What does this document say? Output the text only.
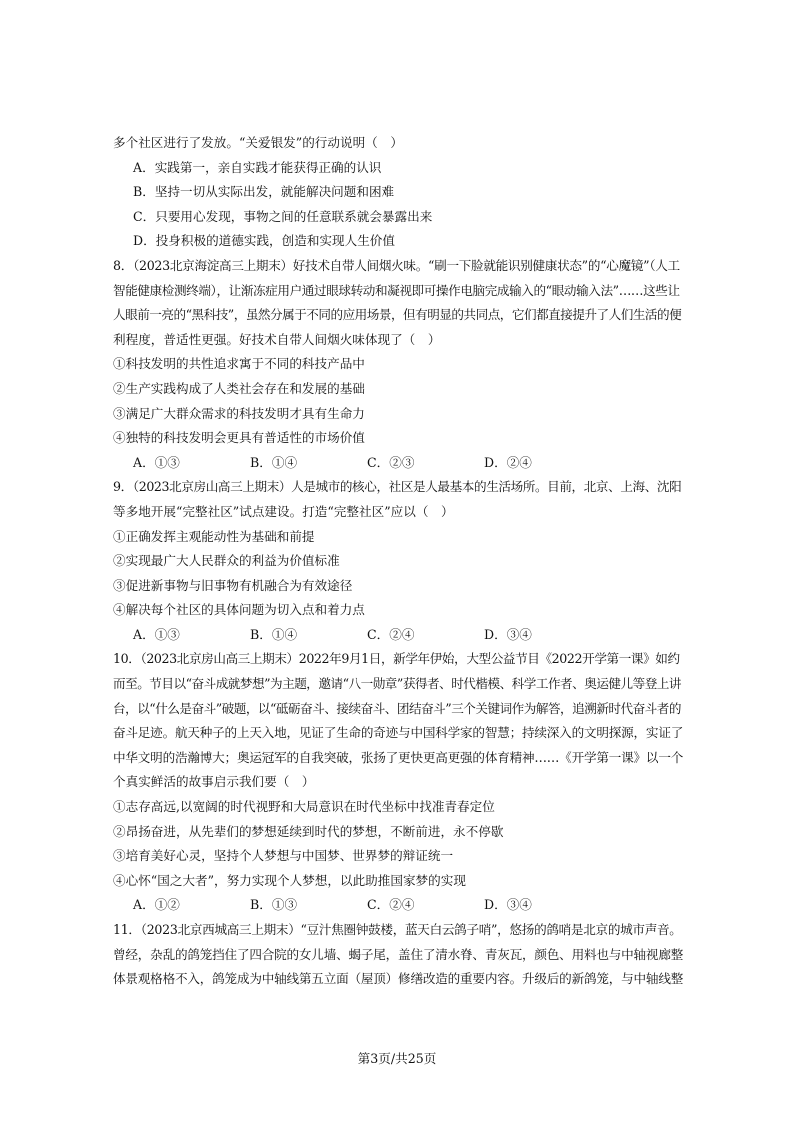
多个社区进行了发放。“关爱银发”的行动说明（　）
A．实践第一，亲自实践才能获得正确的认识
B．坚持一切从实际出发，就能解决问题和困难
C．只要用心发现，事物之间的任意联系就会暴露出来
D．投身积极的道德实践，创造和实现人生价值
8．（2023北京海淀高三上期末）好技术自带人间烟火味。“刷一下脸就能识别健康状态”的“心魔镜”（人工
智能健康检测终端），让渐冻症用户通过眼球转动和凝视即可操作电脑完成输入的“眼动输入法”……这些让
人眼前一亮的“黑科技”，虽然分属于不同的应用场景，但有明显的共同点，它们都直接提升了人们生活的便
利程度，普适性更强。好技术自带人间烟火味体现了（　）
①科技发明的共性追求寓于不同的科技产品中
②生产实践构成了人类社会存在和发展的基础
③满足广大群众需求的科技发明才具有生命力
④独特的科技发明会更具有普适性的市场价值
A．①③	B．①④	C．②③	D．②④
9．（2023北京房山高三上期末）人是城市的核心，社区是人最基本的生活场所。目前，北京、上海、沈阳
等多地开展“完整社区”试点建设。打造“完整社区”应以（　）
①正确发挥主观能动性为基础和前提
②实现最广大人民群众的利益为价值标准
③促进新事物与旧事物有机融合为有效途径
④解决每个社区的具体问题为切入点和着力点
A．①③	B．①④	C．②④	D．③④
10．（2023北京房山高三上期末）2022年9月1日，新学年伊始，大型公益节目《2022开学第一课》如约
而至。节目以“奋斗成就梦想”为主题，邀请“八一勋章”获得者、时代楷模、科学工作者、奥运健儿等登上讲
台，以“什么是奋斗”破题，以“砥砺奋斗、接续奋斗、团结奋斗”三个关键词作为解答，追溯新时代奋斗者的
奋斗足迹。航天种子的上天入地，见证了生命的奇迹与中国科学家的智慧；持续深入的文明探源，实证了
中华文明的浩瀚博大；奥运冠军的自我突破，张扬了更快更高更强的体育精神……《开学第一课》以一个
个真实鲜活的故事启示我们要（　）
①志存高远,以宽阔的时代视野和大局意识在时代坐标中找准青春定位
②昂扬奋进，从先辈们的梦想延续到时代的梦想，不断前进，永不停歇
③培育美好心灵，坚持个人梦想与中国梦、世界梦的辩证统一
④心怀“国之大者”，努力实现个人梦想，以此助推国家梦的实现
A．①②	B．①③	C．②④	D．③④
11．（2023北京西城高三上期末）“豆汁焦圈钟鼓楼，蓝天白云鸽子哨”，悠扬的鸽哨是北京的城市声音。
曾经，杂乱的鸽笼挡住了四合院的女儿墙、蝎子尾，盖住了清水脊、青灰瓦，颜色、用料也与中轴视廊整
体景观格格不入，鸽笼成为中轴线第五立面（屋顶）修缮改造的重要内容。升级后的新鸽笼，与中轴线整
第3页/共25页
